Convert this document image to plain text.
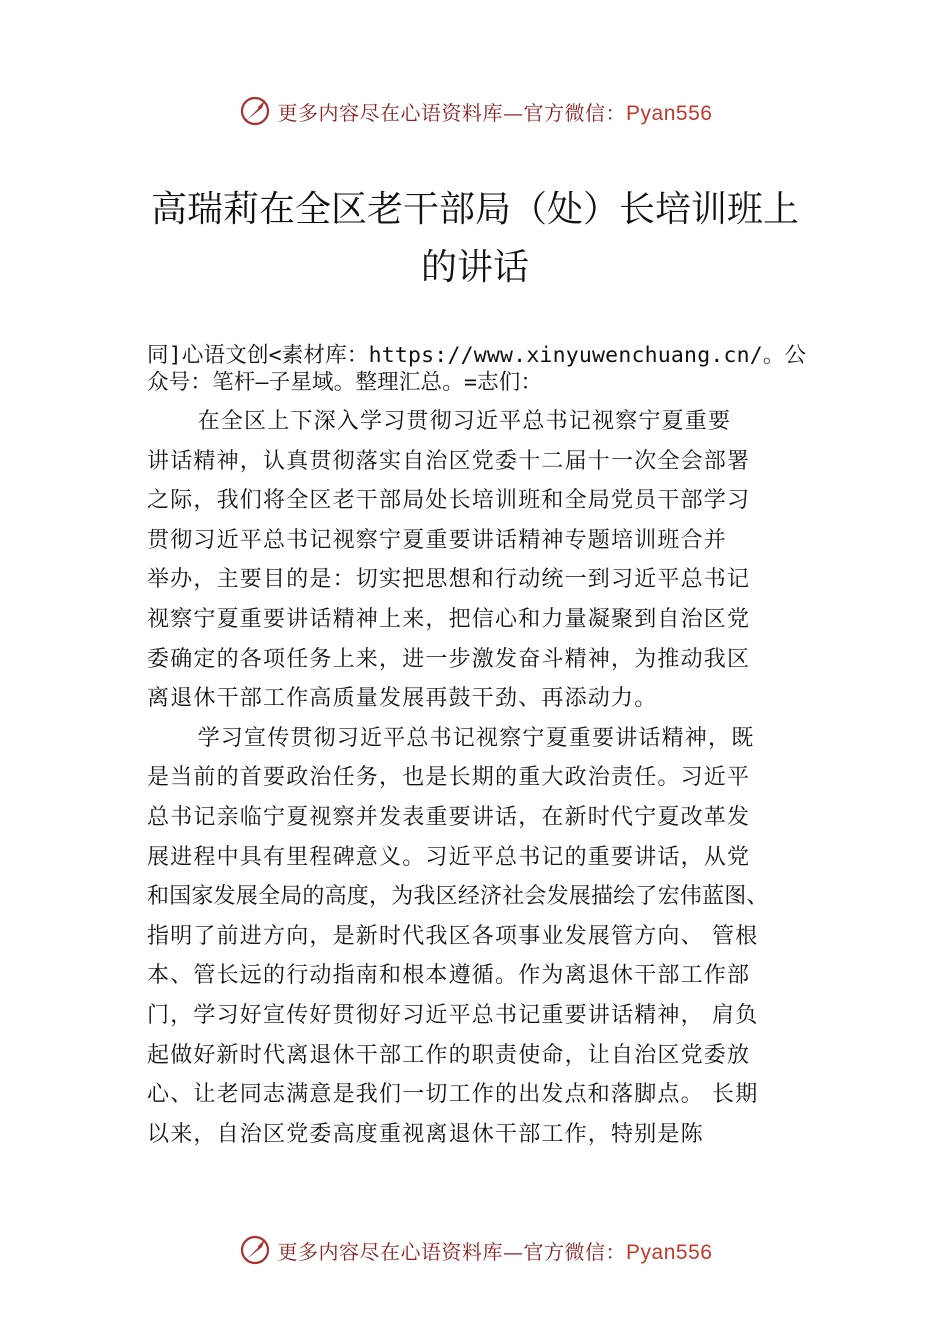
更多内容尽在心语资料库—官方微信：Pyan556
高瑞莉在全区老干部局（处）长培训班上
的讲话

同]心语文创<素材库：https://www.xinyuwenchuang.cn/。公
众号：笔杆—子星域。整理汇总。=志们：

在全区上下深入学习贯彻习近平总书记视察宁夏重要
讲话精神，认真贯彻落实自治区党委十二届十一次全会部署
之际，我们将全区老干部局处长培训班和全局党员干部学习
贯彻习近平总书记视察宁夏重要讲话精神专题培训班合并
举办，主要目的是：切实把思想和行动统一到习近平总书记
视察宁夏重要讲话精神上来，把信心和力量凝聚到自治区党
委确定的各项任务上来，进一步激发奋斗精神，为推动我区
离退休干部工作高质量发展再鼓干劲、再添动力。

学习宣传贯彻习近平总书记视察宁夏重要讲话精神，既
是当前的首要政治任务，也是长期的重大政治责任。习近平
总书记亲临宁夏视察并发表重要讲话，在新时代宁夏改革发
展进程中具有里程碑意义。习近平总书记的重要讲话，从党
和国家发展全局的高度，为我区经济社会发展描绘了宏伟蓝图、
指明了前进方向，是新时代我区各项事业发展管方向、 管根
本、管长远的行动指南和根本遵循。作为离退休干部工作部
门，学习好宣传好贯彻好习近平总书记重要讲话精神， 肩负
起做好新时代离退休干部工作的职责使命，让自治区党委放
心、让老同志满意是我们一切工作的出发点和落脚点。 长期
以来，自治区党委高度重视离退休干部工作，特别是陈

更多内容尽在心语资料库—官方微信：Pyan556
